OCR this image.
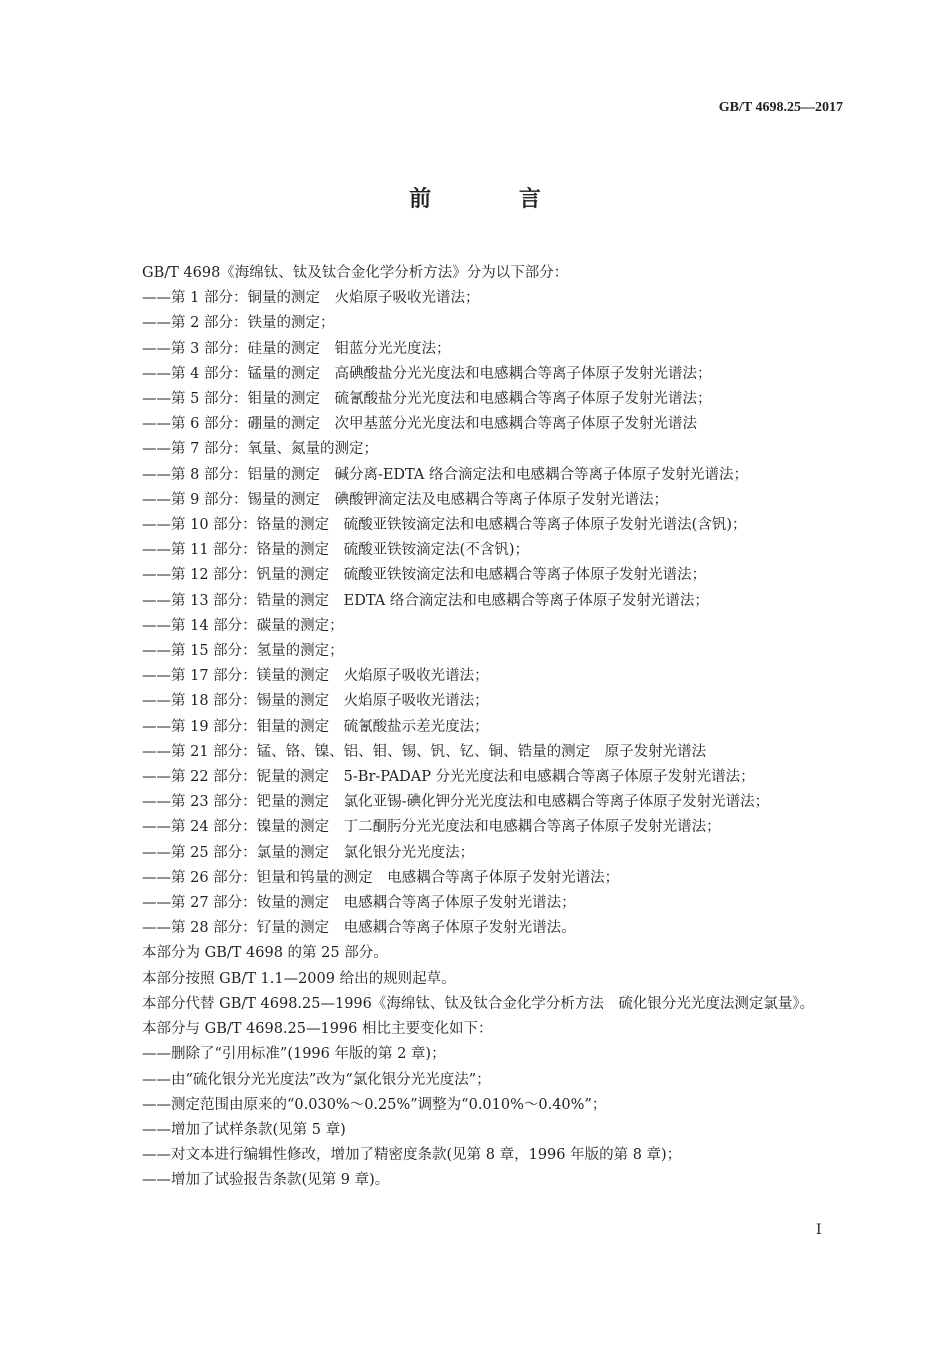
GB/T 4698.25—2017
前 言
GB/T 4698《海绵钛、钛及钛合金化学分析方法》分为以下部分：
——第 1 部分：铜量的测定　火焰原子吸收光谱法；
——第 2 部分：铁量的测定；
——第 3 部分：硅量的测定　钼蓝分光光度法；
——第 4 部分：锰量的测定　高碘酸盐分光光度法和电感耦合等离子体原子发射光谱法；
——第 5 部分：钼量的测定　硫氰酸盐分光光度法和电感耦合等离子体原子发射光谱法；
——第 6 部分：硼量的测定　次甲基蓝分光光度法和电感耦合等离子体原子发射光谱法
——第 7 部分：氧量、氮量的测定；
——第 8 部分：铝量的测定　碱分离-EDTA 络合滴定法和电感耦合等离子体原子发射光谱法；
——第 9 部分：锡量的测定　碘酸钾滴定法及电感耦合等离子体原子发射光谱法；
——第 10 部分：铬量的测定　硫酸亚铁铵滴定法和电感耦合等离子体原子发射光谱法(含钒)；
——第 11 部分：铬量的测定　硫酸亚铁铵滴定法(不含钒)；
——第 12 部分：钒量的测定　硫酸亚铁铵滴定法和电感耦合等离子体原子发射光谱法；
——第 13 部分：锆量的测定　EDTA 络合滴定法和电感耦合等离子体原子发射光谱法；
——第 14 部分：碳量的测定；
——第 15 部分：氢量的测定；
——第 17 部分：镁量的测定　火焰原子吸收光谱法；
——第 18 部分：锡量的测定　火焰原子吸收光谱法；
——第 19 部分：钼量的测定　硫氰酸盐示差光度法；
——第 21 部分：锰、铬、镍、铝、钼、锡、钒、钇、铜、锆量的测定　原子发射光谱法
——第 22 部分：铌量的测定　5-Br-PADAP 分光光度法和电感耦合等离子体原子发射光谱法；
——第 23 部分：钯量的测定　氯化亚锡-碘化钾分光光度法和电感耦合等离子体原子发射光谱法；
——第 24 部分：镍量的测定　丁二酮肟分光光度法和电感耦合等离子体原子发射光谱法；
——第 25 部分：氯量的测定　氯化银分光光度法；
——第 26 部分：钽量和钨量的测定　电感耦合等离子体原子发射光谱法；
——第 27 部分：钕量的测定　电感耦合等离子体原子发射光谱法；
——第 28 部分：钌量的测定　电感耦合等离子体原子发射光谱法。
本部分为 GB/T 4698 的第 25 部分。
本部分按照 GB/T 1.1—2009 给出的规则起草。
本部分代替 GB/T 4698.25—1996《海绵钛、钛及钛合金化学分析方法　硫化银分光光度法测定氯量》。
本部分与 GB/T 4698.25—1996 相比主要变化如下：
——删除了“引用标准”(1996 年版的第 2 章)；
——由“硫化银分光光度法”改为“氯化银分光光度法”；
——测定范围由原来的“0.030%～0.25%”调整为“0.010%～0.40%”；
——增加了试样条款(见第 5 章)
——对文本进行编辑性修改，增加了精密度条款(见第 8 章，1996 年版的第 8 章)；
——增加了试验报告条款(见第 9 章)。
I
